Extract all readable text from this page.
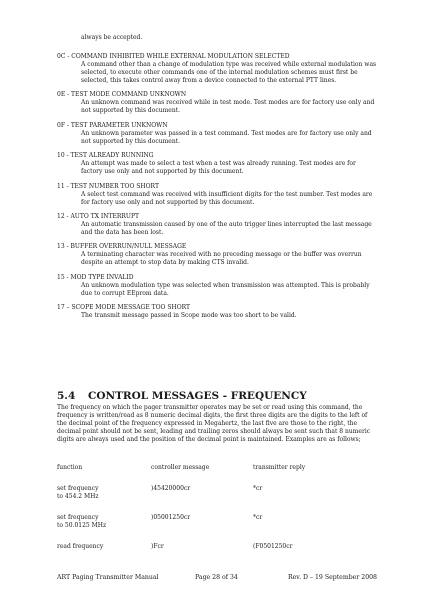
always be accepted.
0C - COMMAND INHIBITED WHILE EXTERNAL MODULATION SELECTED
A command other than a change of modulation type was received while external modulation was selected, to execute other commands one of the internal modulation schemes must first be selected, this takes control away from a device connected to the external PTT lines.
0E - TEST MODE COMMAND UNKNOWN
An unknown command was received while in test mode. Test modes are for factory use only and not supported by this document.
0F - TEST PARAMETER UNKNOWN
An unknown parameter was passed in a test command. Test modes are for factory use only and not supported by this document.
10 - TEST ALREADY RUNNING
An attempt was made to select a test when a test was already running. Test modes are for factory use only and not supported by this document.
11 - TEST NUMBER TOO SHORT
A select test command was received with insufficient digits for the test number. Test modes are for factory use only and not supported by this document.
12 - AUTO TX INTERRUPT
An automatic transmission caused by one of the auto trigger lines interrupted the last message and the data has been lost.
13 - BUFFER OVERRUN/NULL MESSAGE
A terminating character was received with no preceding message or the buffer was overrun despite an attempt to stop data by making CTS invalid.
15 - MOD TYPE INVALID
An unknown modulation type was selected when transmission was attempted. This is probably due to corrupt EEprom data.
17 – SCOPE MODE MESSAGE TOO SHORT
The transmit message passed in Scope mode was too short to be valid.
5.4 CONTROL MESSAGES - FREQUENCY
The frequency on which the pager transmitter operates may be set or read using this command, the frequency is written/read as 8 numeric decimal digits, the first three digits are the digits to the left of the decimal point of the frequency expressed in Megahertz, the last five are those to the right, the decimal point should not be sent, leading and trailing zeros should always be sent such that 8 numeric digits are always used and the position of the decimal point is maintained. Examples are as follows;
function	controller message	transmitter reply
set frequency
to 454.2 MHz
)45420000cr	*cr
set frequency
to 50.0125 MHz
)05001250cr	*cr
read frequency	)Fcr	(F0501250cr
ART Paging Transmitter Manual	Page 28 of 34	Rev. D – 19 September 2008
